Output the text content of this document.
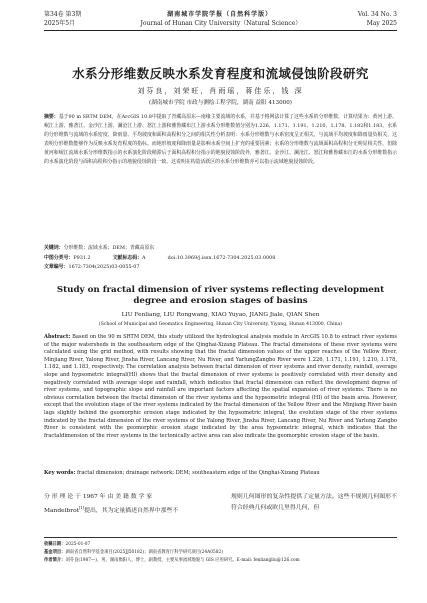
第34卷 第3期	湖南城市学院学报（自然科学版）	Vol. 34 No. 3
2025年5月	Journal of Hunan City University（Natural Science）	May 2025
水系分形维数反映水系发育程度和流域侵蚀阶段研究
刘芬良，刘荣旺，肖雨瑶，蒋佳乐，钱 深
(湖南城市学院 市政与测绘工程学院，湖南 益阳 413000)
摘要：基于90 m SRTM DEM，在ArcGIS 10.8中提取了青藏高原东—南缘主要流域的水系，并基于格网法计算了这些水系的分形维数，计算结果为：黄河上游、岷江上游、雅砻江、金沙江上游、澜沧江上游、怒江上游和雅鲁藏布江上游水系分形维数值分别为1.226、1.171、1.191、1.210、1.178、1.182和1.183。水系的分形维数与流域的水系密度、降雨量、平均坡度和面积高程积分之间的相关性分析表明：水系分形维数与水系密度呈正相关，与流域平均坡度和降雨量负相关，这表明分形维数能够作为反映水系发育程度的指标。而地形坡度和降雨量是影响水系空间上扩充的重要因素；水系的分形维数与流域面积高程积分无明显相关性，但除黄河和岷江流域水系分形维数指示的水系演化阶段稍滞后于面积高程积分指示的地貌侵蚀阶段外，雅砻江、金沙江、澜沧江、怒江和雅鲁藏布江的水系分形维数指示的水系演化阶段与面积高程积分指示的地貌侵蚀阶段一致，这说明在构造活跃区的水系分形维数亦可以指示流域地貌侵蚀阶段。
关键词：分形维数；流域水系；DEM；青藏高原东
中图分类号：P931.2	文献标志码：A	doi:10.3969/j.issn.1672-7304.2025.03.0008
文章编号：1672-7304(2025)03-0055-07
Study on fractal dimension of river systems reflecting development degree and erosion stages of basins
LIU Fenliang, LIU Rongwang, XIAO Yuyao, JIANG Jiale, QIAN Shen
(School of Municipal and Geomatics Engineering, Hunan City University, Yiyang, Hunan 413000, China)
Abstract: Based on the 90 m SRTM DEM, this study utilized the hydrological analysis module in ArcGIS 10.8 to extract river systems of the major watersheds in the southeastern edge of the Qinghai-Xizang Plateau. The fractal dimensions of these river systems were calculated using the grid method, with results showing that the fractal dimension values of the upper reaches of the Yellow River, Minjiang River, Yalong River, Jinsha River, Lancang River, Nu River, and YarlungZangbo River were 1.226, 1.171, 1.191, 1.210, 1.178, 1.182, and 1.183, respectively. The correlation analysis between fractal dimension of river systems and river density, rainfall, average slope and hypsometric integral(HI) shows that the fractal dimension of river systems is positively correlated with river density and negatively correlated with average slope and rainfall, which indicates that fractal dimension can reflect the development degree of river systems, and topographic slope and rainfall are important factors affecting the spatial expansion of river systems. There is no obvious correlation between the fractal dimension of the river systems and the hypsometric integral (HI) of the basin area. However, except that the evolution stage of the river systems indicated by the fractal dimension of the Yellow River and the Minjiang River basin lags slightly behind the geomorphic erosion stage indicated by the hypsometric integral, the evolution stage of the river systems indicated by the fractal dimension of the river systems of the Yalong River, Jinsha River, Lancang River, Nu River and Yarlung Zangbo River is consistent with the geomorphic erosion stage indicated by the area hypsometric integral, which indicates that the fractaldimension of the river systems in the tectonically active area can also indicate the geomorphic erosion stage of the basin.
Key words: fractal dimension; drainage network; DEM; southeastern edge of the Qinghai-Xizang Plateau
分 形 理 论 于 1967 年 由 美 籍 数 学 家
Mandelbrot[1]提出，其为定量描述自然界中那些不
规则几何图形的复杂性提供了定量方法。这些不规则几何图形不符合经典几何或欧几里得几何，但
收稿日期：2025-01-07
基金项目：湖南省自然科学基金项目(2025JJ50182)；湖南省教育厅科学研究项目(24A0582)
作者简介：刘芬良(1987—)，男，湖南衡阳人，博士，副教授，主要从事流域地貌与 GIS 应用研究。E-mail: fenliangliu@126.com
